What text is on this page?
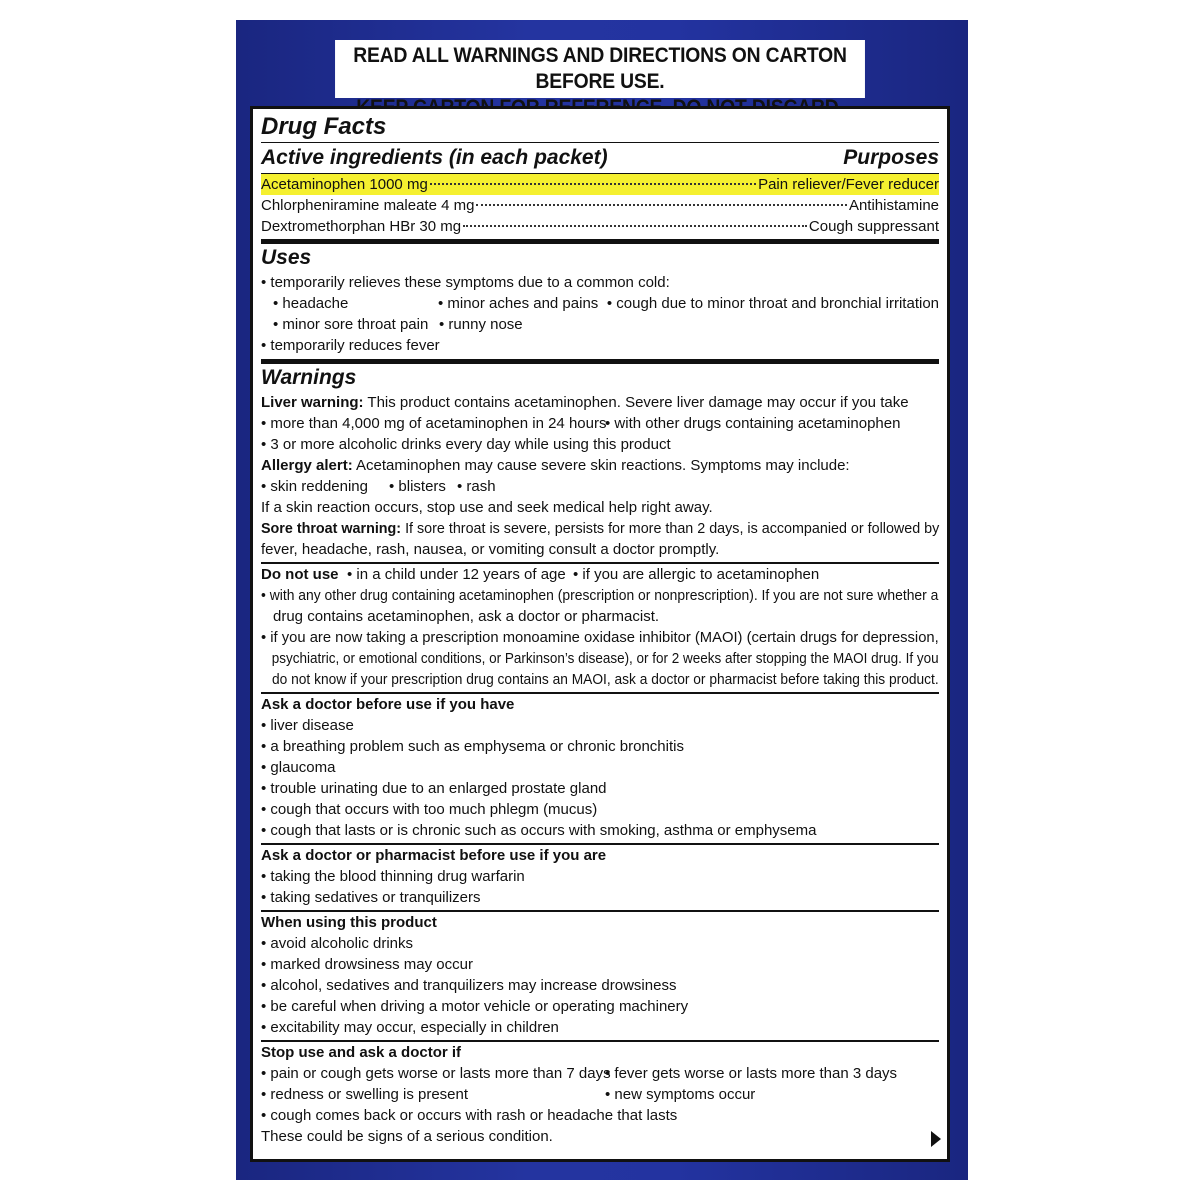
READ ALL WARNINGS AND DIRECTIONS ON CARTON BEFORE USE.
Drug Facts
Active ingredients (in each packet)	Purposes
Acetaminophen 1000 mg	Pain reliever/Fever reducer
Chlorpheniramine maleate 4 mg	Antihistamine
Dextromethorphan HBr 30 mg	Cough suppressant
Uses
• temporarily relieves these symptoms due to a common cold:
• headache	• minor aches and pains • cough due to minor throat and bronchial irritation
• minor sore throat pain • runny nose
• temporarily reduces fever
Warnings
Liver warning: This product contains acetaminophen. Severe liver damage may occur if you take
• more than 4,000 mg of acetaminophen in 24 hours
• with other drugs containing acetaminophen
• 3 or more alcoholic drinks every day while using this product
Allergy alert: Acetaminophen may cause severe skin reactions. Symptoms may include:
• skin reddening	• blisters • rash
If a skin reaction occurs, stop use and seek medical help right away.
Sore throat warning: If sore throat is severe, persists for more than 2 days, is accompanied or followed by
fever, headache, rash, nausea, or vomiting consult a doctor promptly.
Do not use • in a child under 12 years of age • if you are allergic to acetaminophen
• with any other drug containing acetaminophen (prescription or nonprescription). If you are not sure whether a
drug contains acetaminophen, ask a doctor or pharmacist.
• if you are now taking a prescription monoamine oxidase inhibitor (MAOI) (certain drugs for depression,
psychiatric, or emotional conditions, or Parkinson’s disease), or for 2 weeks after stopping the MAOI drug. If you
do not know if your prescription drug contains an MAOI, ask a doctor or pharmacist before taking this product.
Ask a doctor before use if you have
• liver disease
• a breathing problem such as emphysema or chronic bronchitis
• glaucoma
• trouble urinating due to an enlarged prostate gland
• cough that occurs with too much phlegm (mucus)
• cough that lasts or is chronic such as occurs with smoking, asthma or emphysema
Ask a doctor or pharmacist before use if you are
• taking the blood thinning drug warfarin
• taking sedatives or tranquilizers
When using this product
• avoid alcoholic drinks
• marked drowsiness may occur
• alcohol, sedatives and tranquilizers may increase drowsiness
• be careful when driving a motor vehicle or operating machinery
• excitability may occur, especially in children
Stop use and ask a doctor if
• pain or cough gets worse or lasts more than 7 days
• fever gets worse or lasts more than 3 days
• redness or swelling is present	• new symptoms occur
• cough comes back or occurs with rash or headache that lasts
These could be signs of a serious condition.
